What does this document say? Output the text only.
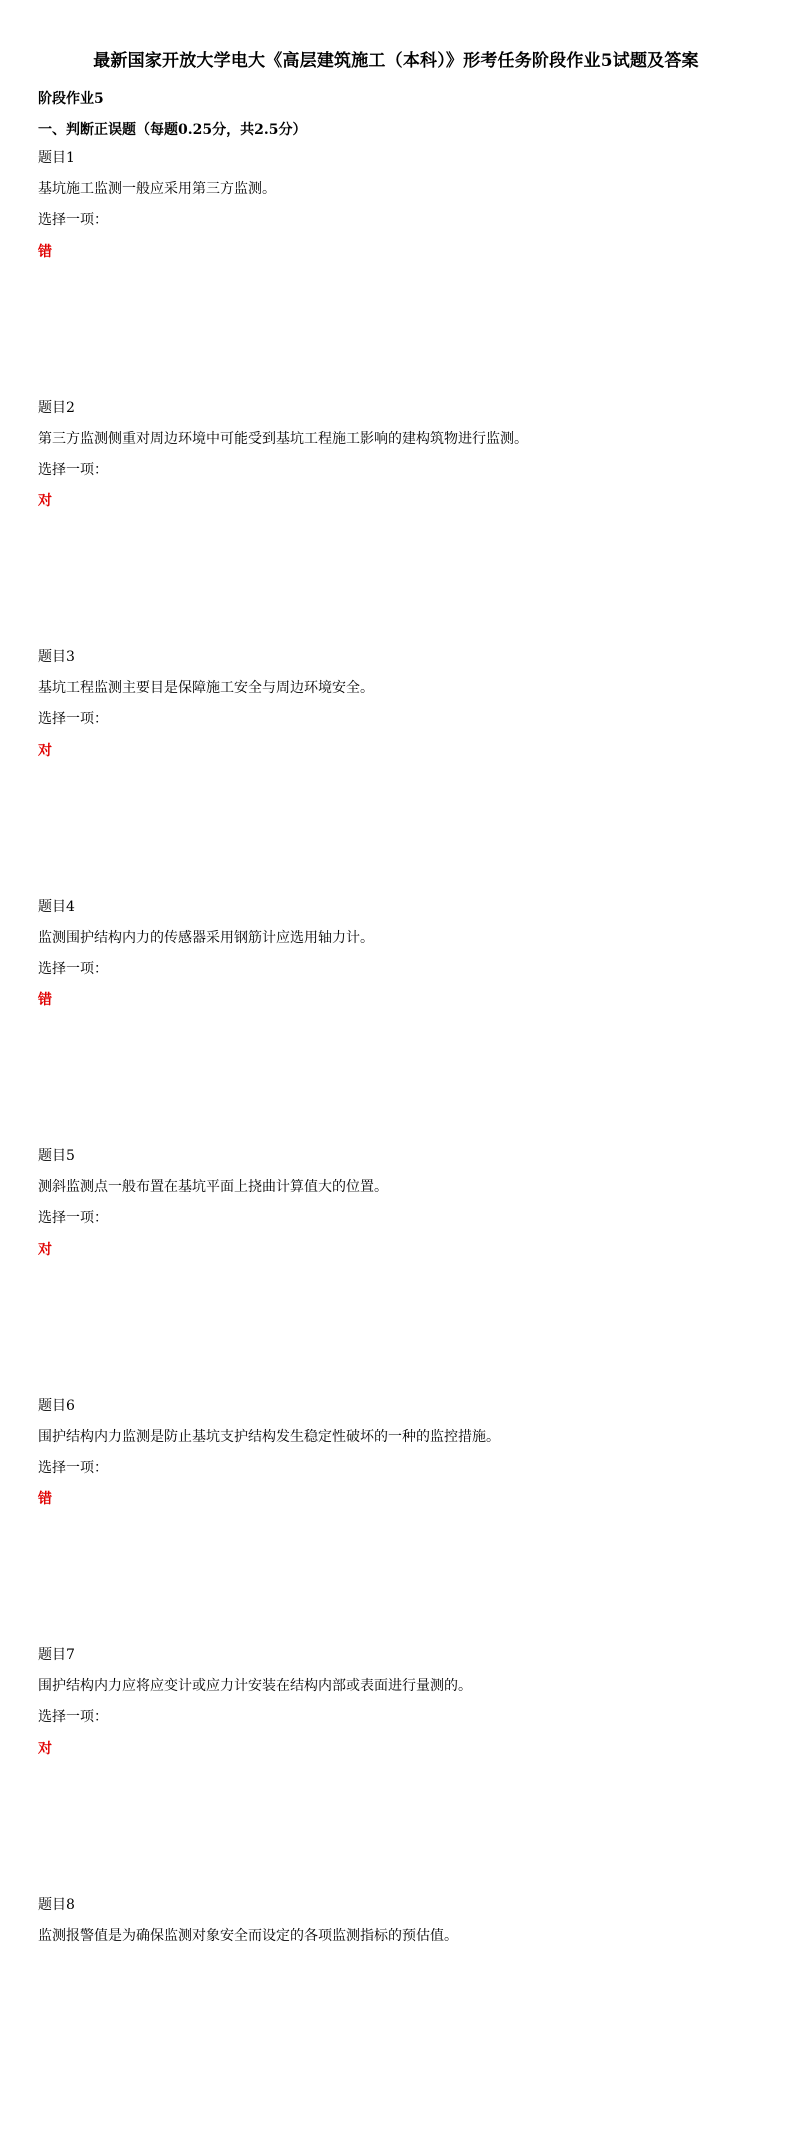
最新国家开放大学电大《高层建筑施工（本科）》形考任务阶段作业5试题及答案
阶段作业5
一、判断正误题（每题0.25分，共2.5分）
题目1
基坑施工监测一般应采用第三方监测。
选择一项：
错
题目2
第三方监测侧重对周边环境中可能受到基坑工程施工影响的建构筑物进行监测。
选择一项：
对
题目3
基坑工程监测主要目是保障施工安全与周边环境安全。
选择一项：
对
题目4
监测围护结构内力的传感器采用钢筋计应选用轴力计。
选择一项：
错
题目5
测斜监测点一般布置在基坑平面上挠曲计算值大的位置。
选择一项：
对
题目6
围护结构内力监测是防止基坑支护结构发生稳定性破坏的一种的监控措施。
选择一项：
错
题目7
围护结构内力应将应变计或应力计安装在结构内部或表面进行量测的。
选择一项：
对
题目8
监测报警值是为确保监测对象安全而设定的各项监测指标的预估值。
